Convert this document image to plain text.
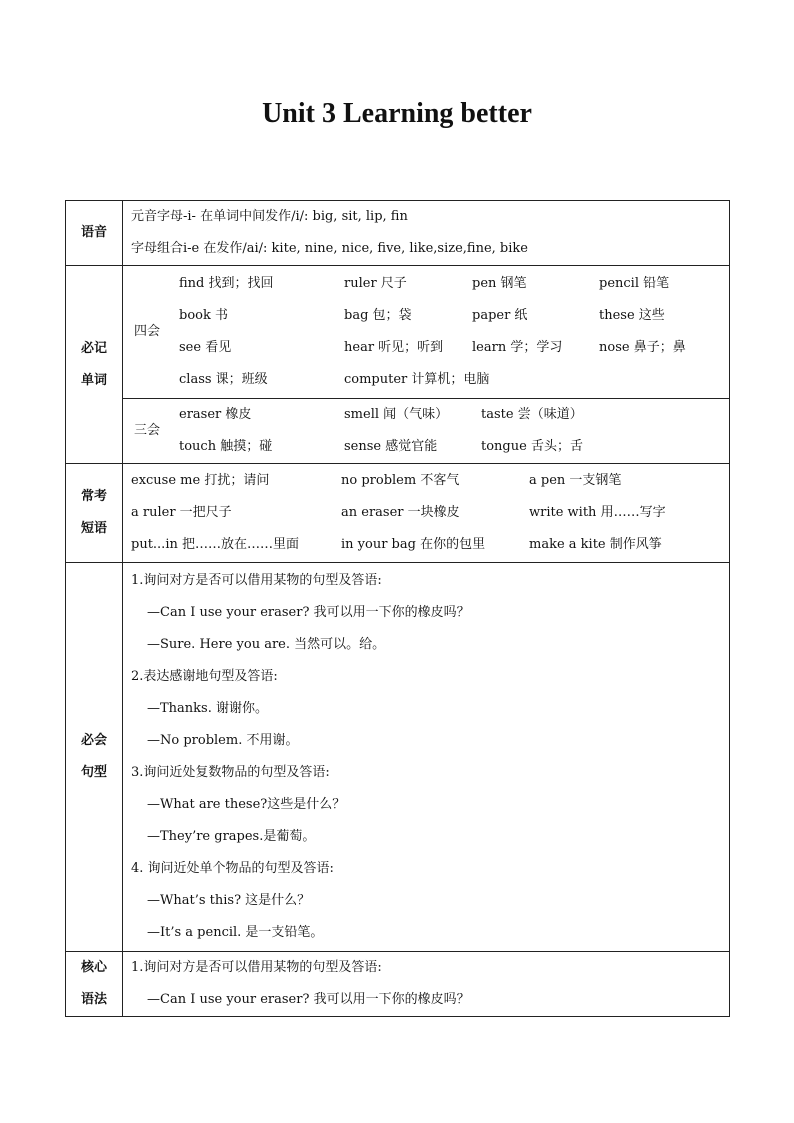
Unit 3 Learning better
语音	
元音字母-i- 在单词中间发作/i/: big, sit, lip, fin
字母组合i-e 在发作/ai/: kite, nine, nice, five, like,size,fine, bike

必记
单词

四会	
find 找到；找回	ruler 尺子	pen 钢笔	pencil 铅笔
book 书	bag 包；袋	paper 纸	these 这些
see 看见	hear 听见；听到	learn 学；学习	nose 鼻子；鼻
class 课；班级	computer 计算机；电脑

三会	
eraser 橡皮	smell 闻（气味）	taste 尝（味道）
touch 触摸；碰	sense 感觉官能	tongue 舌头；舌

常考
短语

excuse me 打扰；请问	no problem 不客气	a pen 一支钢笔
a ruler 一把尺子	an eraser 一块橡皮	write with 用……写字
put...in 把……放在……里面	in your bag 在你的包里	make a kite 制作风筝

必会
句型

1.询问对方是否可以借用某物的句型及答语:
—Can I use your eraser? 我可以用一下你的橡皮吗？
—Sure. Here you are. 当然可以。给。
2.表达感谢地句型及答语:
—Thanks. 谢谢你。
—No problem. 不用谢。
3.询问近处复数物品的句型及答语:
—What are these?这些是什么？
—They’re grapes.是葡萄。
4. 询问近处单个物品的句型及答语:
—What’s this? 这是什么？
—It’s a pencil. 是一支铅笔。

核心
语法

1.询问对方是否可以借用某物的句型及答语:
—Can I use your eraser? 我可以用一下你的橡皮吗？
